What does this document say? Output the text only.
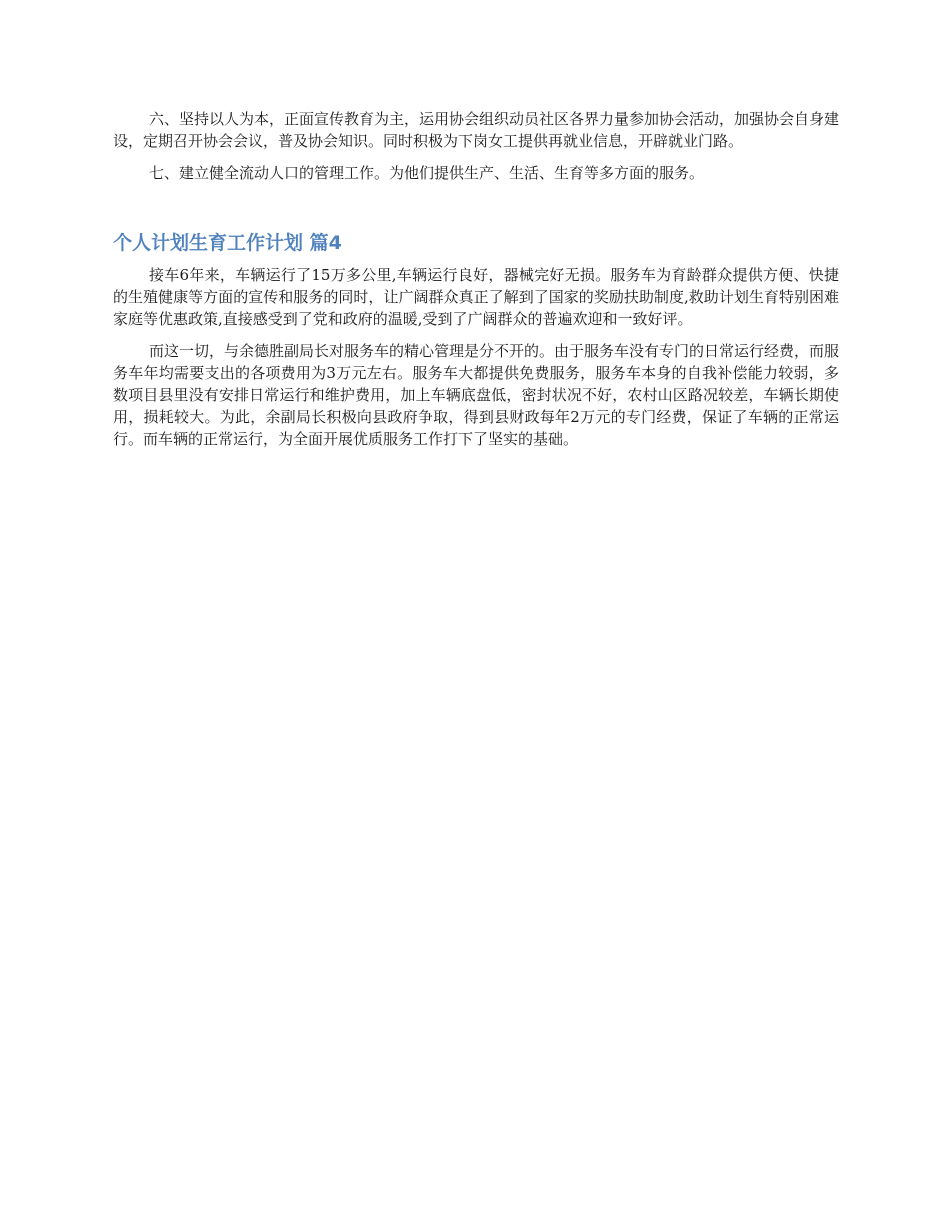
六、坚持以人为本，正面宣传教育为主，运用协会组织动员社区各界力量参加协会活动，加强协会自身建设，定期召开协会会议，普及协会知识。同时积极为下岗女工提供再就业信息，开辟就业门路。

七、建立健全流动人口的管理工作。为他们提供生产、生活、生育等多方面的服务。

个人计划生育工作计划 篇4

接车6年来，车辆运行了15万多公里,车辆运行良好，器械完好无损。服务车为育龄群众提供方便、快捷的生殖健康等方面的宣传和服务的同时，让广阔群众真正了解到了国家的奖励扶助制度,救助计划生育特别困难家庭等优惠政策,直接感受到了党和政府的温暖,受到了广阔群众的普遍欢迎和一致好评。

而这一切，与余德胜副局长对服务车的精心管理是分不开的。由于服务车没有专门的日常运行经费，而服务车年均需要支出的各项费用为3万元左右。服务车大都提供免费服务，服务车本身的自我补偿能力较弱，多数项目县里没有安排日常运行和维护费用，加上车辆底盘低，密封状况不好，农村山区路况较差，车辆长期使用，损耗较大。为此，余副局长积极向县政府争取，得到县财政每年2万元的专门经费，保证了车辆的正常运行。而车辆的正常运行，为全面开展优质服务工作打下了坚实的基础。
